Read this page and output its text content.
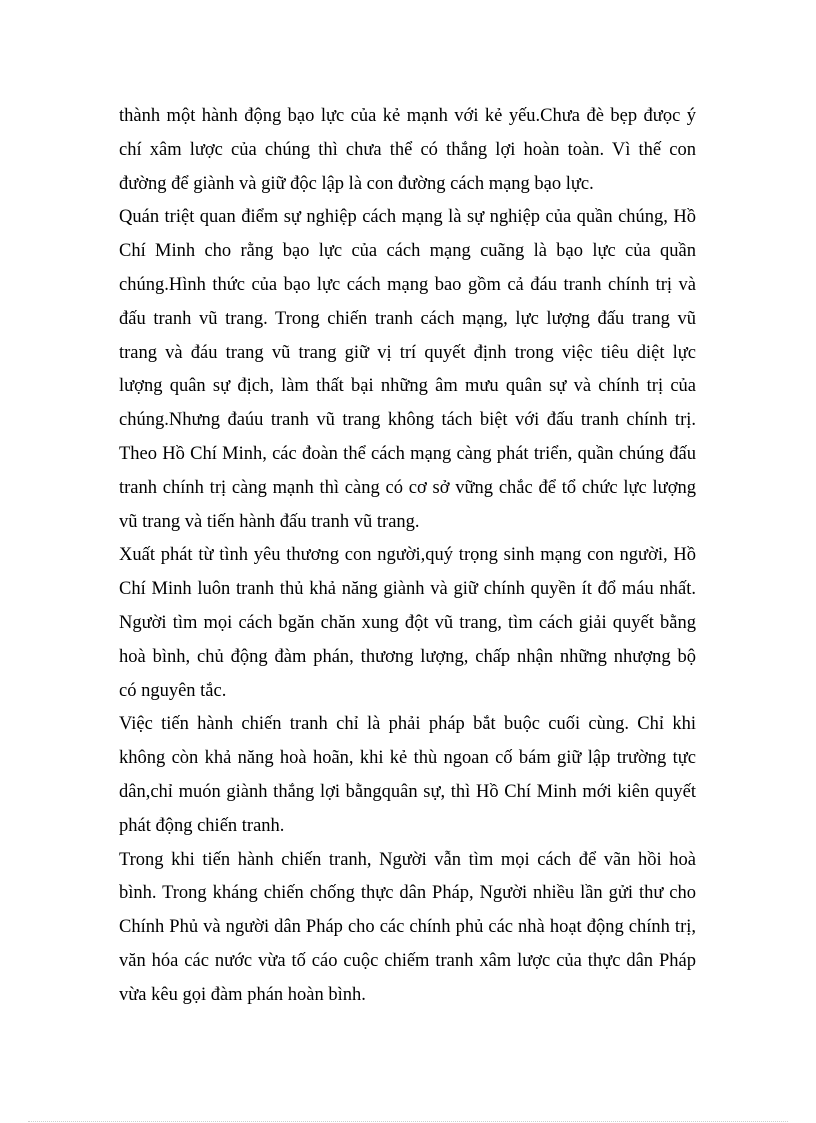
thành một hành động bạo lực của kẻ mạnh với kẻ yếu.Chưa đè bẹp đưọc ý
chí xâm lược của chúng thì chưa thể có thắng lợi hoàn toàn. Vì thế con
đường để giành và giữ độc lập là con đường cách mạng bạo lực.

Quán triệt quan điểm sự nghiệp cách mạng là sự nghiệp của quần chúng, Hồ
Chí Minh cho rằng bạo lực của cách mạng cuãng là bạo lực của quần
chúng.Hình thức của bạo lực cách mạng bao gồm cả đáu tranh chính trị và
đấu tranh vũ trang. Trong chiến tranh cách mạng, lực lượng đấu trang vũ
trang và đáu trang vũ trang giữ vị trí quyết định trong việc tiêu diệt lực
lượng quân sự địch, làm thất bại những âm mưu quân sự và chính trị của
chúng.Nhưng đaúu tranh vũ trang không tách biệt với đấu tranh chính trị.
Theo Hồ Chí Minh, các đoàn thể cách mạng càng phát triển, quần chúng đấu
tranh chính trị càng mạnh thì càng có cơ sở vững chắc để tổ chức lực lượng
vũ trang và tiến hành đấu tranh vũ trang.

Xuất phát từ tình yêu thương con người,quý trọng sinh mạng con người, Hồ
Chí Minh luôn tranh thủ khả năng giành và giữ chính quyền ít đổ máu nhất.
Người tìm mọi cách bgăn chăn xung đột vũ trang, tìm cách giải quyết bằng
hoà bình, chủ động đàm phán, thương lượng, chấp nhận những nhượng bộ
có nguyên tắc.

Việc tiến hành chiến tranh chỉ là phải pháp bắt buộc cuối cùng. Chỉ khi
không còn khả năng hoà hoãn, khi kẻ thù ngoan cố bám giữ lập trường tực
dân,chỉ muón giành thắng lợi bằngquân sự, thì Hồ Chí Minh mới kiên quyết
phát động chiến tranh.

Trong khi tiến hành chiến tranh, Người vẫn tìm mọi cách để vãn hồi hoà
bình. Trong kháng chiến chống thực dân Pháp, Người nhiều lần gửi thư cho
Chính Phủ và người dân Pháp cho các chính phủ các nhà hoạt động chính trị,
văn hóa các nước vừa tố cáo cuộc chiếm tranh xâm lược của thực dân Pháp
vừa kêu gọi đàm phán hoàn bình.
